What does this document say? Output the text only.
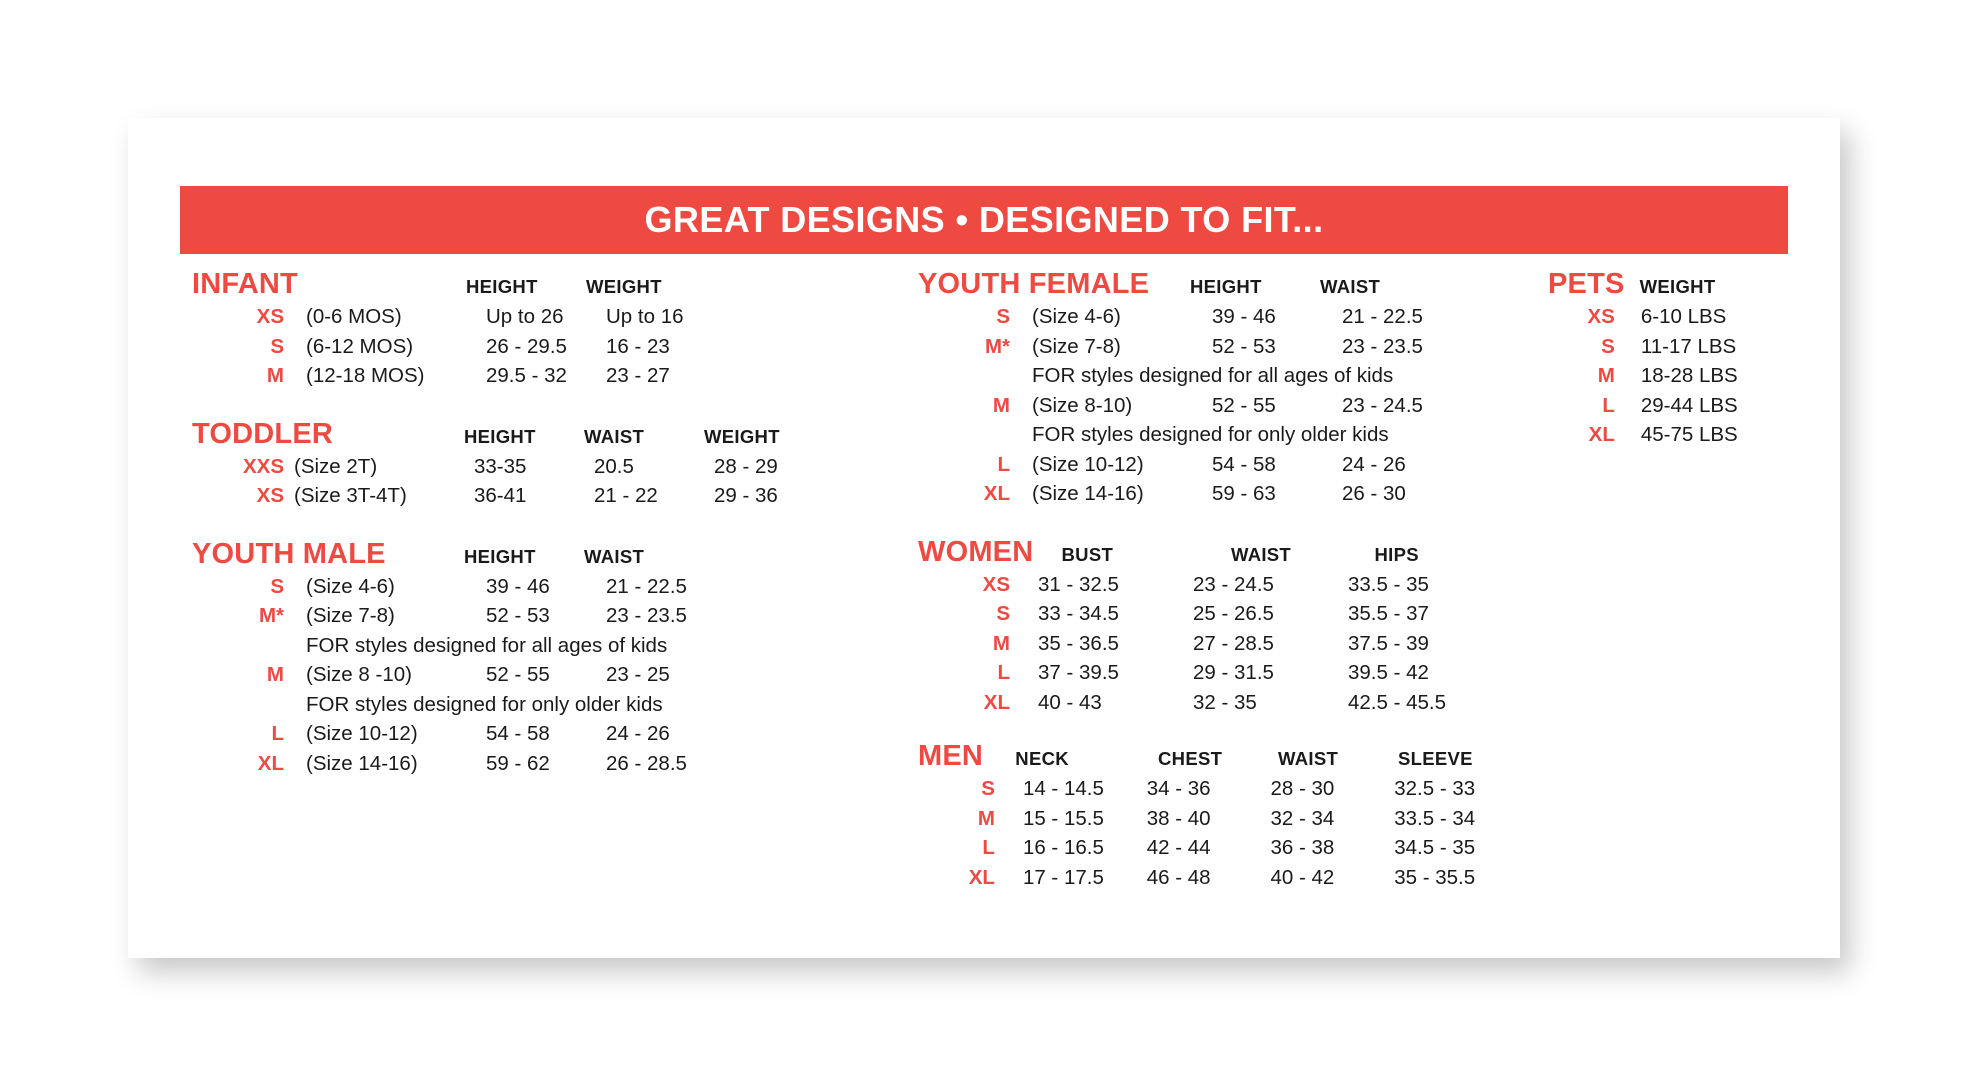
GREAT DESIGNS • DESIGNED TO FIT...
INFANT	HEIGHT	WEIGHT
XS	(0-6 MOS)	Up to 26	Up to 16
S	(6-12 MOS)	26 - 29.5	16 - 23
M	(12-18 MOS)	29.5 - 32	23 - 27
TODDLER	HEIGHT	WAIST	WEIGHT
XXS (Size 2T)	33-35	20.5	28 - 29
XS (Size 3T-4T)	36-41	21 - 22	29 - 36
YOUTH MALE	HEIGHT	WAIST
S	(Size 4-6)	39 - 46	21 - 22.5
M*	(Size 7-8)	52 - 53	23 - 23.5
FOR styles designed for all ages of kids
M	(Size 8 -10)	52 - 55	23 - 25
FOR styles designed for only older kids
L	(Size 10-12)	54 - 58	24 - 26
XL	(Size 14-16)	59 - 62	26 - 28.5
YOUTH FEMALE	HEIGHT	WAIST
S	(Size 4-6)	39 - 46	21 - 22.5
M*	(Size 7-8)	52 - 53	23 - 23.5
FOR styles designed for all ages of kids
M	(Size 8-10)	52 - 55	23 - 24.5
FOR styles designed for only older kids
L	(Size 10-12)	54 - 58	24 - 26
XL	(Size 14-16)	59 - 63	26 - 30
WOMEN	BUST	WAIST	HIPS
XS	31 - 32.5	23 - 24.5	33.5 - 35
S	33 - 34.5	25 - 26.5	35.5 - 37
M	35 - 36.5	27 - 28.5	37.5 - 39
L	37 - 39.5	29 - 31.5	39.5 - 42
XL	40 - 43	32 - 35	42.5 - 45.5
MEN	NECK	CHEST	WAIST	SLEEVE
S	14 - 14.5	34 - 36	28 - 30	32.5 - 33
M	15 - 15.5	38 - 40	32 - 34	33.5 - 34
L	16 - 16.5	42 - 44	36 - 38	34.5 - 35
XL	17 - 17.5	46 - 48	40 - 42	35 - 35.5
PETS WEIGHT
XS	6-10 LBS
S	11-17 LBS
M	18-28 LBS
L	29-44 LBS
XL	45-75 LBS
